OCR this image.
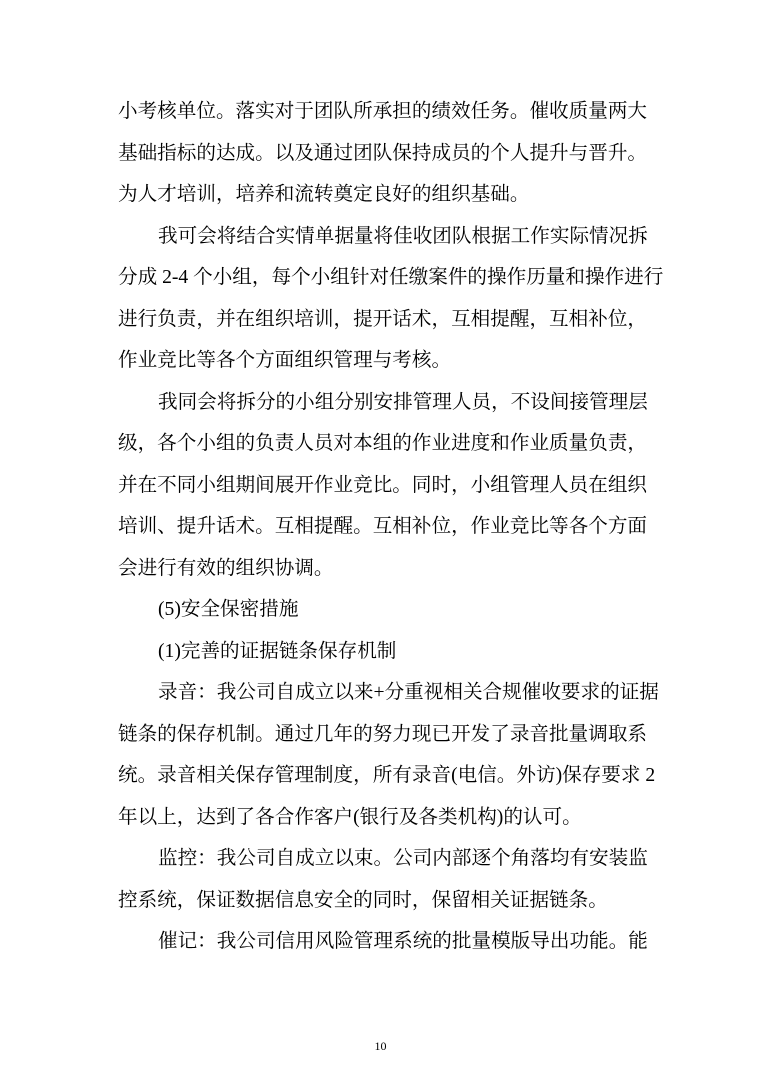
小考核单位。落实对于团队所承担的绩效任务。催收质量两大
基础指标的达成。以及通过团队保持成员的个人提升与晋升。
为人才培训，培养和流转奠定良好的组织基础。
我可会将结合实情单据量将佳收团队根据工作实际情况拆
分成 2-4 个小组，每个小组针对任缴案件的操作历量和操作进行
进行负责，并在组织培训，提开话术，互相提醒，互相补位，
作业竞比等各个方面组织管理与考核。
我同会将拆分的小组分别安排管理人员，不设间接管理层
级，各个小组的负责人员对本组的作业进度和作业质量负责，
并在不同小组期间展开作业竞比。同时，小组管理人员在组织
培训、提升话术。互相提醒。互相补位，作业竞比等各个方面
会进行有效的组织协调。
(5)安全保密措施
(1)完善的证据链条保存机制
录音：我公司自成立以来+分重视相关合规催收要求的证据
链条的保存机制。通过几年的努力现已开发了录音批量调取系
统。录音相关保存管理制度，所有录音(电信。外访)保存要求 2
年以上，达到了各合作客户(银行及各类机构)的认可。
监控：我公司自成立以束。公司内部逐个角落均有安装监
控系统，保证数据信息安全的同时，保留相关证据链条。
催记：我公司信用风险管理系统的批量模版导出功能。能
10
